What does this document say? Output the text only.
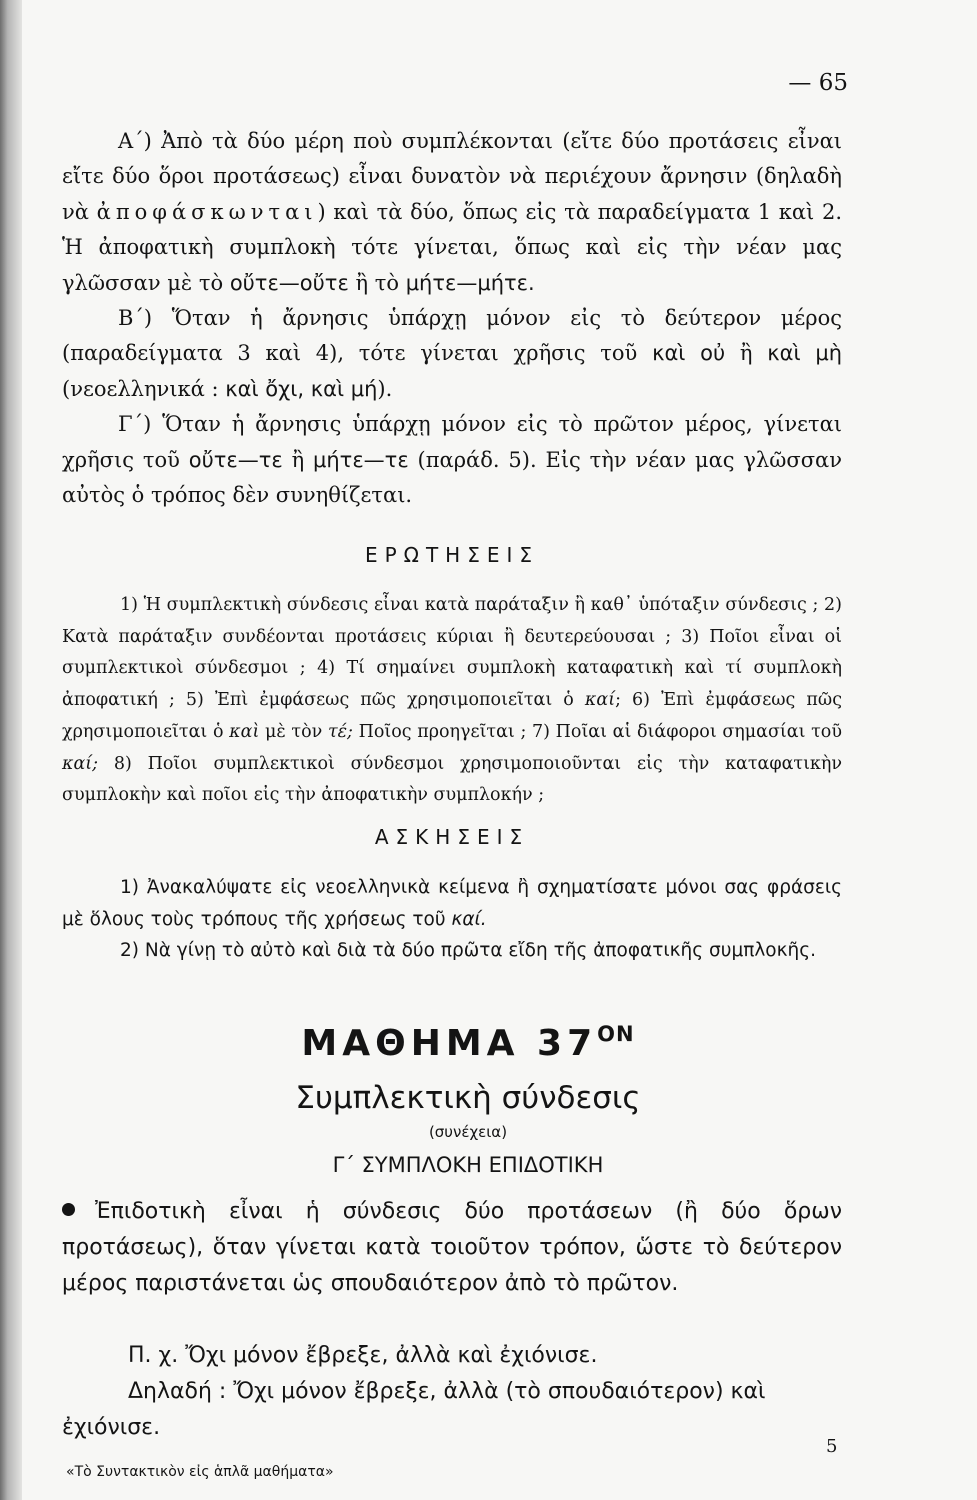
— 65

Α΄) Ἀπὸ τὰ δύο μέρη ποὺ συμπλέκονται (εἴτε δύο προτάσεις εἶναι εἴτε δύο ὅροι προτάσεως) εἶναι δυνατὸν νὰ περιέχουν ἄρνησιν (δηλαδὴ νὰ ἀποφάσκωνται) καὶ τὰ δύο, ὅπως εἰς τὰ παραδείγματα 1 καὶ 2. Ἡ ἀποφατικὴ συμπλοκὴ τότε γίνεται, ὅπως καὶ εἰς τὴν νέαν μας γλῶσσαν μὲ τὸ οὔτε—οὔτε ἢ τὸ μήτε—μήτε.
Β΄) Ὅταν ἡ ἄρνησις ὑπάρχῃ μόνον εἰς τὸ δεύτερον μέρος (παραδείγματα 3 καὶ 4), τότε γίνεται χρῆσις τοῦ καὶ οὐ ἢ καὶ μὴ (νεοελληνικά : καὶ ὄχι, καὶ μή).
Γ΄) Ὅταν ἡ ἄρνησις ὑπάρχῃ μόνον εἰς τὸ πρῶτον μέρος, γίνεται χρῆσις τοῦ οὔτε—τε ἢ μήτε—τε (παράδ. 5). Εἰς τὴν νέαν μας γλῶσσαν αὐτὸς ὁ τρόπος δὲν συνηθίζεται.

ΕΡΩΤΗΣΕΙΣ

1) Ἡ συμπλεκτικὴ σύνδεσις εἶναι κατὰ παράταξιν ἢ καθ᾽ ὑπόταξιν σύνδεσις ; 2) Κατὰ παράταξιν συνδέονται προτάσεις κύριαι ἢ δευτερεύουσαι ; 3) Ποῖοι εἶναι οἱ συμπλεκτικοὶ σύνδεσμοι ; 4) Τί σημαίνει συμπλοκὴ καταφατικὴ καὶ τί συμπλοκὴ ἀποφατική ; 5) Ἐπὶ ἐμφάσεως πῶς χρησιμοποιεῖται ὁ καί; 6) Ἐπὶ ἐμφάσεως πῶς χρησιμοποιεῖται ὁ καὶ μὲ τὸν τέ; Ποῖος προηγεῖται ; 7) Ποῖαι αἱ διάφοροι σημασίαι τοῦ καί; 8) Ποῖοι συμπλεκτικοὶ σύνδεσμοι χρησιμοποιοῦνται εἰς τὴν καταφατικὴν συμπλοκὴν καὶ ποῖοι εἰς τὴν ἀποφατικὴν συμπλοκήν ;

ΑΣΚΗΣΕΙΣ

1) Ἀνακαλύψατε εἰς νεοελληνικὰ κείμενα ἢ σχηματίσατε μόνοι σας φράσεις μὲ ὅλους τοὺς τρόπους τῆς χρήσεως τοῦ καί.

2) Νὰ γίνῃ τὸ αὐτὸ καὶ διὰ τὰ δύο πρῶτα εἴδη τῆς ἀποφατικῆς συμπλοκῆς.

ΜΑΘΗΜΑ $37^{ON}$

Συμπλεκτικὴ σύνδεσις

(συνέχεια)

Γ΄ ΣΥΜΠΛΟΚΗ ΕΠΙΔΟΤΙΚΗ

Ἐπιδοτικὴ εἶναι ἡ σύνδεσις δύο προτάσεων (ἢ δύο ὅρων προτάσεως), ὅταν γίνεται κατὰ τοιοῦτον τρόπον, ὥστε τὸ δεύτερον μέρος παριστάνεται ὡς σπουδαιότερον ἀπὸ τὸ πρῶτον.

Π. χ. Ὄχι μόνον ἔβρεξε, ἀλλὰ καὶ ἐχιόνισε.

Δηλαδή : Ὄχι μόνον ἔβρεξε, ἀλλὰ (τὸ σπουδαιότερον) καὶ ἐχιόνισε.

5

«Τὸ Συντακτικὸν εἰς ἁπλᾶ μαθήματα»
